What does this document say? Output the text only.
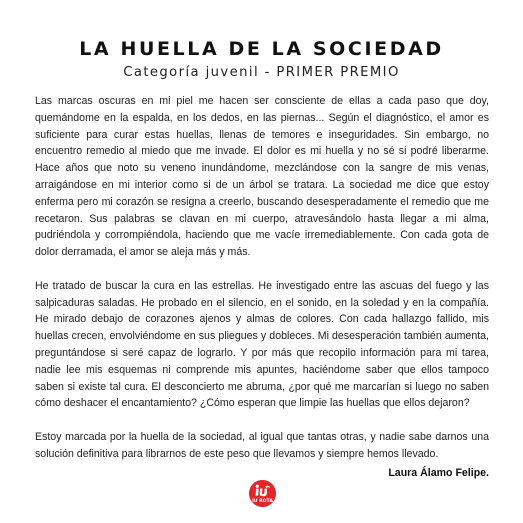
LA HUELLA DE LA SOCIEDAD
Categoría juvenil - PRIMER PREMIO

Las marcas oscuras en mi piel me hacen ser consciente de ellas a cada paso que doy, quemándome en la espalda, en los dedos, en las piernas... Según el diagnóstico, el amor es suficiente para curar estas huellas, llenas de temores e inseguridades. Sin embargo, no encuentro remedio al miedo que me invade. El dolor es mi huella y no sé si podré liberarme. Hace años que noto su veneno inundándome, mezclándose con la sangre de mis venas, arraigándose en mi interior como si de un árbol se tratara. La sociedad me dice que estoy enferma pero mi corazón se resigna a creerlo, buscando desesperadamente el remedio que me recetaron. Sus palabras se clavan en mi cuerpo, atravesándolo hasta llegar a mi alma, pudriéndola y corrompiéndola, haciendo que me vacíe irremediablemente. Con cada gota de dolor derramada, el amor se aleja más y más.

He tratado de buscar la cura en las estrellas. He investigado entre las ascuas del fuego y las salpicaduras saladas. He probado en el silencio, en el sonido, en la soledad y en la compañía. He mirado debajo de corazones ajenos y almas de colores. Con cada hallazgo fallido, mis huellas crecen, envolviéndome en sus pliegues y dobleces. Mi desesperación también aumenta, preguntándose si seré capaz de lograrlo. Y por más que recopilo información para mi tarea, nadie lee mis esquemas ni comprende mis apuntes, haciéndome saber que ellos tampoco saben si existe tal cura. El desconcierto me abruma, ¿por qué me marcarían si luego no saben cómo deshacer el encantamiento? ¿Cómo esperan que limpie las huellas que ellos dejaron?

Estoy marcada por la huella de la sociedad, al igual que tantas otras, y nadie sabe darnos una solución definitiva para librarnos de este peso que llevamos y siempre hemos llevado.

Laura Álamo Felipe.
IU ROTA
